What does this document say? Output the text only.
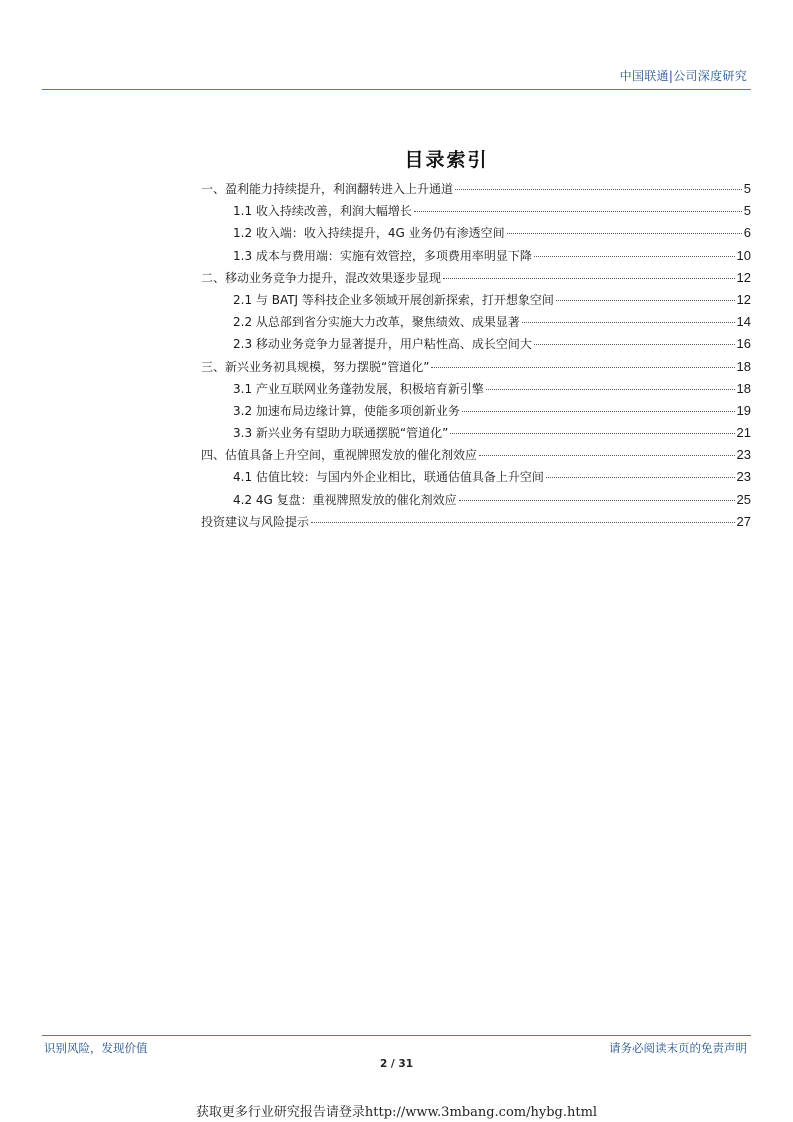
中国联通|公司深度研究
目录索引
一、盈利能力持续提升，利润翻转进入上升通道	5
1.1 收入持续改善，利润大幅增长	5
1.2 收入端：收入持续提升，4G 业务仍有渗透空间	6
1.3 成本与费用端：实施有效管控，多项费用率明显下降	10
二、移动业务竞争力提升，混改效果逐步显现	12
2.1 与 BATJ 等科技企业多领域开展创新探索，打开想象空间	12
2.2 从总部到省分实施大力改革，聚焦绩效、成果显著	14
2.3 移动业务竞争力显著提升，用户粘性高、成长空间大	16
三、新兴业务初具规模，努力摆脱“管道化”	18
3.1 产业互联网业务蓬勃发展，积极培育新引擎	18
3.2 加速布局边缘计算，使能多项创新业务	19
3.3 新兴业务有望助力联通摆脱“管道化”	21
四、估值具备上升空间，重视牌照发放的催化剂效应	23
4.1 估值比较：与国内外企业相比，联通估值具备上升空间	23
4.2 4G 复盘：重视牌照发放的催化剂效应	25
投资建议与风险提示	27
识别风险，发现价值	请务必阅读末页的免责声明
2 / 31
获取更多行业研究报告请登录http://www.3mbang.com/hybg.html
